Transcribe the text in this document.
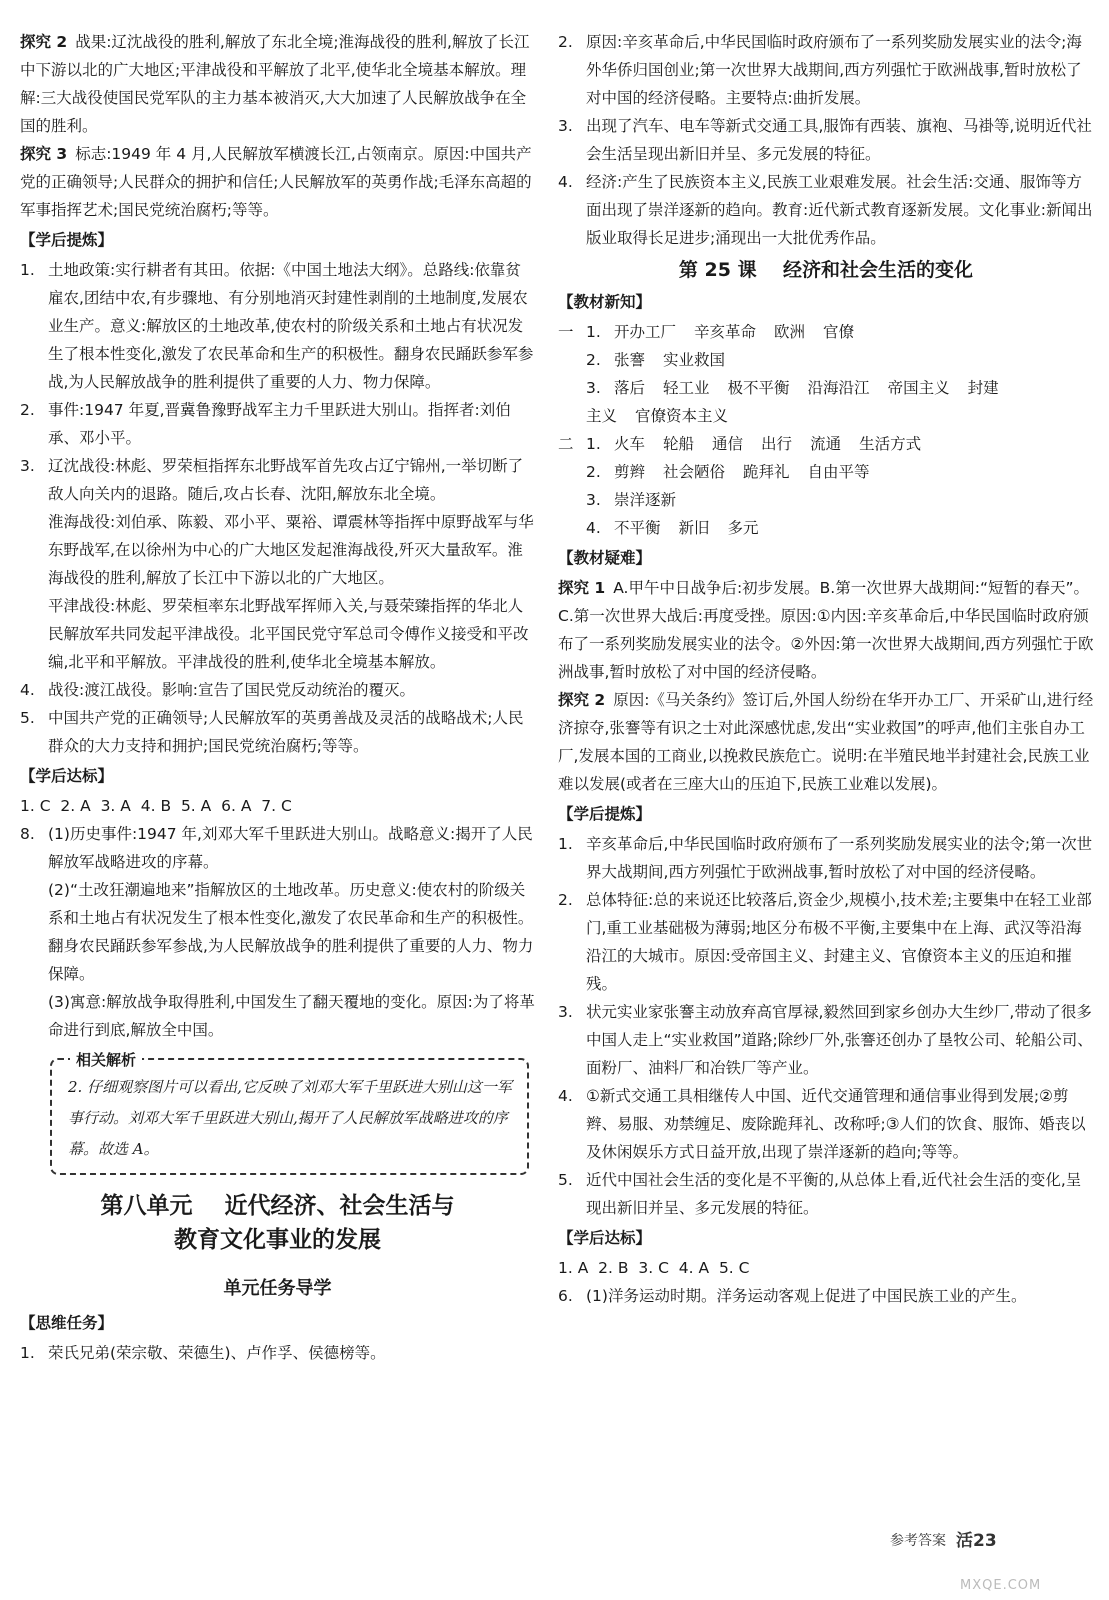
探究 2 战果:辽沈战役的胜利,解放了东北全境;淮海战役的胜利,解放了长江中下游以北的广大地区;平津战役和平解放了北平,使华北全境基本解放。理解:三大战役使国民党军队的主力基本被消灭,大大加速了人民解放战争在全国的胜利。

探究 3 标志:1949 年 4 月,人民解放军横渡长江,占领南京。原因:中国共产党的正确领导;人民群众的拥护和信任;人民解放军的英勇作战;毛泽东高超的军事指挥艺术;国民党统治腐朽;等等。

【学后提炼】

1. 土地政策:实行耕者有其田。依据:《中国土地法大纲》。总路线:依靠贫雇农,团结中农,有步骤地、有分别地消灭封建性剥削的土地制度,发展农业生产。意义:解放区的土地改革,使农村的阶级关系和土地占有状况发生了根本性变化,激发了农民革命和生产的积极性。翻身农民踊跃参军参战,为人民解放战争的胜利提供了重要的人力、物力保障。
2. 事件:1947 年夏,晋冀鲁豫野战军主力千里跃进大别山。指挥者:刘伯承、邓小平。
3. 辽沈战役:林彪、罗荣桓指挥东北野战军首先攻占辽宁锦州,一举切断了敌人向关内的退路。随后,攻占长春、沈阳,解放东北全境。

淮海战役:刘伯承、陈毅、邓小平、粟裕、谭震林等指挥中原野战军与华东野战军,在以徐州为中心的广大地区发起淮海战役,歼灭大量敌军。淮海战役的胜利,解放了长江中下游以北的广大地区。

平津战役:林彪、罗荣桓率东北野战军挥师入关,与聂荣臻指挥的华北人民解放军共同发起平津战役。北平国民党守军总司令傅作义接受和平改编,北平和平解放。平津战役的胜利,使华北全境基本解放。

4. 战役:渡江战役。影响:宣告了国民党反动统治的覆灭。
5. 中国共产党的正确领导;人民解放军的英勇善战及灵活的战略战术;人民群众的大力支持和拥护;国民党统治腐朽;等等。

【学后达标】

1. C  2. A  3. A  4. B  5. A  6. A  7. C

8. (1)历史事件:1947 年,刘邓大军千里跃进大别山。战略意义:揭开了人民解放军战略进攻的序幕。

(2)“土改狂潮遍地来”指解放区的土地改革。历史意义:使农村的阶级关系和土地占有状况发生了根本性变化,激发了农民革命和生产的积极性。翻身农民踊跃参军参战,为人民解放战争的胜利提供了重要的人力、物力保障。

(3)寓意:解放战争取得胜利,中国发生了翻天覆地的变化。原因:为了将革命进行到底,解放全中国。

相关解析

2. 仔细观察图片可以看出,它反映了刘邓大军千里跃进大别山这一军事行动。刘邓大军千里跃进大别山,揭开了人民解放军战略进攻的序幕。故选 A。

第八单元    近代经济、社会生活与

教育文化事业的发展

单元任务导学

【思维任务】

1. 荣氏兄弟(荣宗敬、荣德生)、卢作孚、侯德榜等。
2. 原因:辛亥革命后,中华民国临时政府颁布了一系列奖励发展实业的法令;海外华侨归国创业;第一次世界大战期间,西方列强忙于欧洲战事,暂时放松了对中国的经济侵略。主要特点:曲折发展。
3. 出现了汽车、电车等新式交通工具,服饰有西装、旗袍、马褂等,说明近代社会生活呈现出新旧并呈、多元发展的特征。
4. 经济:产生了民族资本主义,民族工业艰难发展。社会生活:交通、服饰等方面出现了崇洋逐新的趋向。教育:近代新式教育逐新发展。文化事业:新闻出版业取得长足进步;涌现出一大批优秀作品。

第 25 课    经济和社会生活的变化

【教材新知】

一 1. 开办工厂 辛亥革命 欧洲 官僚
2. 张謇 实业救国
3. 落后 轻工业 极不平衡 沿海沿江 帝国主义 封建
主义 官僚资本主义
二 1. 火车 轮船 通信 出行 流通 生活方式
2. 剪辫 社会陋俗 跪拜礼 自由平等
3. 崇洋逐新
4. 不平衡 新旧 多元

【教材疑难】

探究 1 A.甲午中日战争后:初步发展。B.第一次世界大战期间:“短暂的春天”。C.第一次世界大战后:再度受挫。原因:①内因:辛亥革命后,中华民国临时政府颁布了一系列奖励发展实业的法令。②外因:第一次世界大战期间,西方列强忙于欧洲战事,暂时放松了对中国的经济侵略。

探究 2 原因:《马关条约》签订后,外国人纷纷在华开办工厂、开采矿山,进行经济掠夺,张謇等有识之士对此深感忧虑,发出“实业救国”的呼声,他们主张自办工厂,发展本国的工商业,以挽救民族危亡。说明:在半殖民地半封建社会,民族工业难以发展(或者在三座大山的压迫下,民族工业难以发展)。

【学后提炼】

1. 辛亥革命后,中华民国临时政府颁布了一系列奖励发展实业的法令;第一次世界大战期间,西方列强忙于欧洲战事,暂时放松了对中国的经济侵略。
2. 总体特征:总的来说还比较落后,资金少,规模小,技术差;主要集中在轻工业部门,重工业基础极为薄弱;地区分布极不平衡,主要集中在上海、武汉等沿海沿江的大城市。原因:受帝国主义、封建主义、官僚资本主义的压迫和摧残。
3. 状元实业家张謇主动放弃高官厚禄,毅然回到家乡创办大生纱厂,带动了很多中国人走上“实业救国”道路;除纱厂外,张謇还创办了垦牧公司、轮船公司、面粉厂、油料厂和冶铁厂等产业。
4. ①新式交通工具相继传人中国、近代交通管理和通信事业得到发展;②剪辫、易服、劝禁缠足、废除跪拜礼、改称呼;③人们的饮食、服饰、婚丧以及休闲娱乐方式日益开放,出现了崇洋逐新的趋向;等等。
5. 近代中国社会生活的变化是不平衡的,从总体上看,近代社会生活的变化,呈现出新旧并呈、多元发展的特征。

【学后达标】

1. A  2. B  3. C  4. A  5. C

6. (1)洋务运动时期。洋务运动客观上促进了中国民族工业的产生。
参考答案 活23
MXQE.COM
